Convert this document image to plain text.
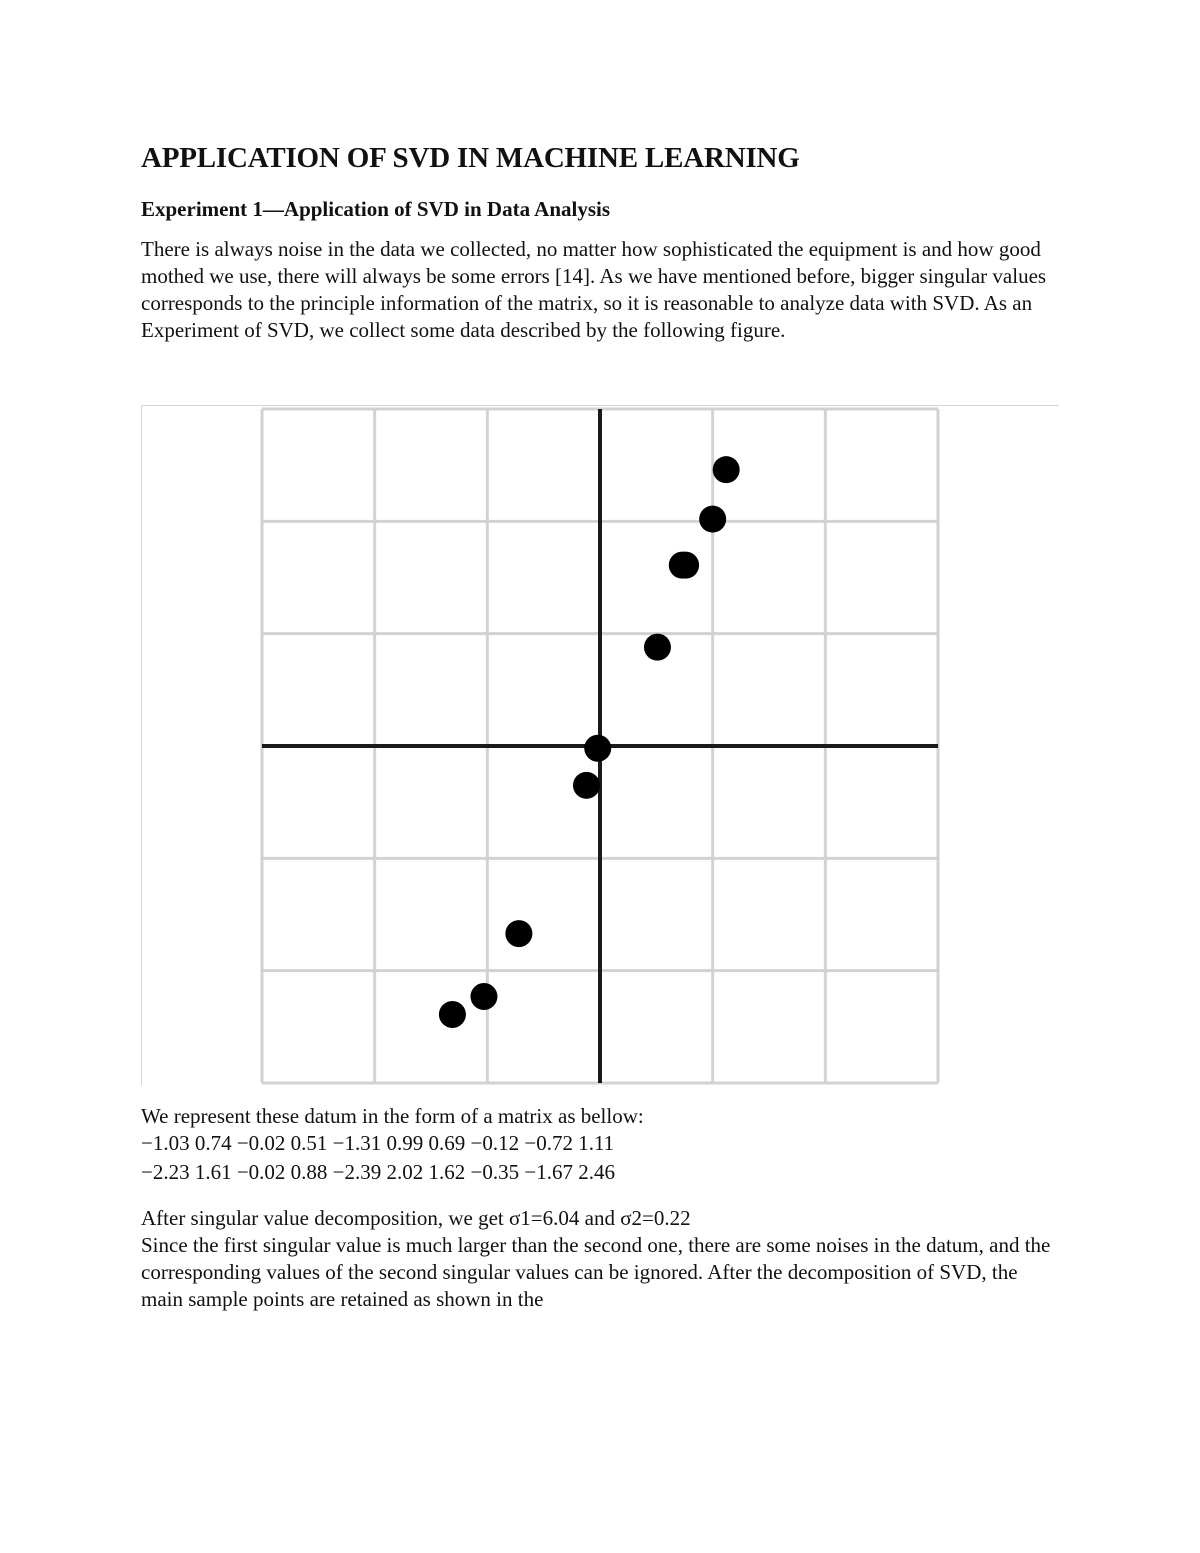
APPLICATION OF SVD IN MACHINE LEARNING
Experiment 1—Application of SVD in Data Analysis

There is always noise in the data we collected, no matter how sophisticated the equipment is and how good mothed we use, there will always be some errors [14]. As we have mentioned before, bigger singular values corresponds to the principle information of the matrix, so it is reasonable to analyze data with SVD. As an Experiment of SVD, we collect some data described by the following figure.

We represent these datum in the form of a matrix as bellow:
−1.03 0.74 −0.02 0.51 −1.31 0.99 0.69 −0.12 −0.72 1.11
−2.23 1.61 −0.02 0.88 −2.39 2.02 1.62 −0.35 −1.67 2.46
After singular value decomposition, we get σ1=6.04 and σ2=0.22

Since the first singular value is much larger than the second one, there are some noises in the datum, and the corresponding values of the second singular values can be ignored. After the decomposition of SVD, the main sample points are retained as shown in the
